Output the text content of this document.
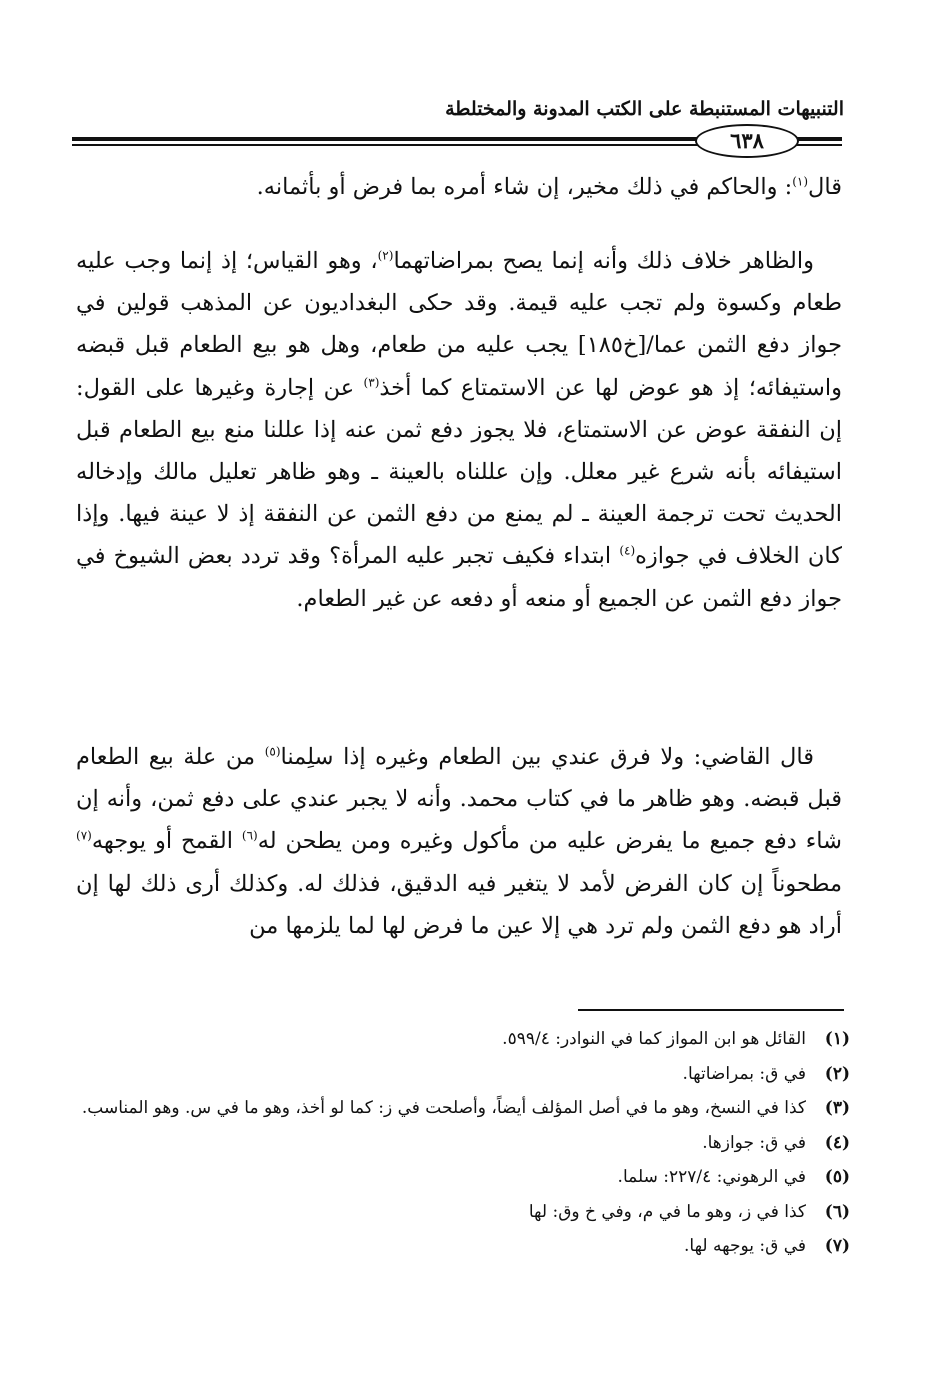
التنبيهات المستنبطة على الكتب المدونة والمختلطة
٦٣٨

قال$^{(١)}$: والحاكم في ذلك مخير، إن شاء أمره بما فرض أو بأثمانه.

والظاهر خلاف ذلك وأنه إنما يصح بمراضاتهما$^{(٢)}$، وهو القياس؛ إذ إنما وجب عليه طعام وكسوة ولم تجب عليه قيمة. وقد حكى البغداديون عن المذهب قولين في جواز دفع الثمن عما/[خ١٨٥] يجب عليه من طعام، وهل هو بيع الطعام قبل قبضه واستيفائه؛ إذ هو عوض لها عن الاستمتاع كما أخذ$^{(٣)}$ عن إجارة وغيرها على القول: إن النفقة عوض عن الاستمتاع، فلا يجوز دفع ثمن عنه إذا عللنا منع بيع الطعام قبل استيفائه بأنه شرع غير معلل. وإن عللناه بالعينة ـ وهو ظاهر تعليل مالك وإدخاله الحديث تحت ترجمة العينة ـ لم يمنع من دفع الثمن عن النفقة إذ لا عينة فيها. وإذا كان الخلاف في جوازه$^{(٤)}$ ابتداء فكيف تجبر عليه المرأة؟ وقد تردد بعض الشيوخ في جواز دفع الثمن عن الجميع أو منعه أو دفعه عن غير الطعام.

قال القاضي: ولا فرق عندي بين الطعام وغيره إذا سلِمنا$^{(٥)}$ من علة بيع الطعام قبل قبضه. وهو ظاهر ما في كتاب محمد. وأنه لا يجبر عندي على دفع ثمن، وأنه إن شاء دفع جميع ما يفرض عليه من مأكول وغيره ومن يطحن له$^{(٦)}$ القمح أو يوجهه$^{(٧)}$ مطحوناً إن كان الفرض لأمد لا يتغير فيه الدقيق، فذلك له. وكذلك أرى ذلك لها إن أراد هو دفع الثمن ولم ترد هي إلا عين ما فرض لها لما يلزمها من

(١)
القائل هو ابن المواز كما في النوادر: ٥٩٩/٤.
(٢)
في ق: بمراضاتها.
(٣)
كذا في النسخ، وهو ما في أصل المؤلف أيضاً، وأصلحت في ز: كما لو أخذ، وهو ما في س. وهو المناسب.
(٤)
في ق: جوازها.
(٥)
في الرهوني: ٢٢٧/٤: سلما.
(٦)
كذا في ز، وهو ما في م، وفي خ وق: لها
(٧)
في ق: يوجهه لها.
